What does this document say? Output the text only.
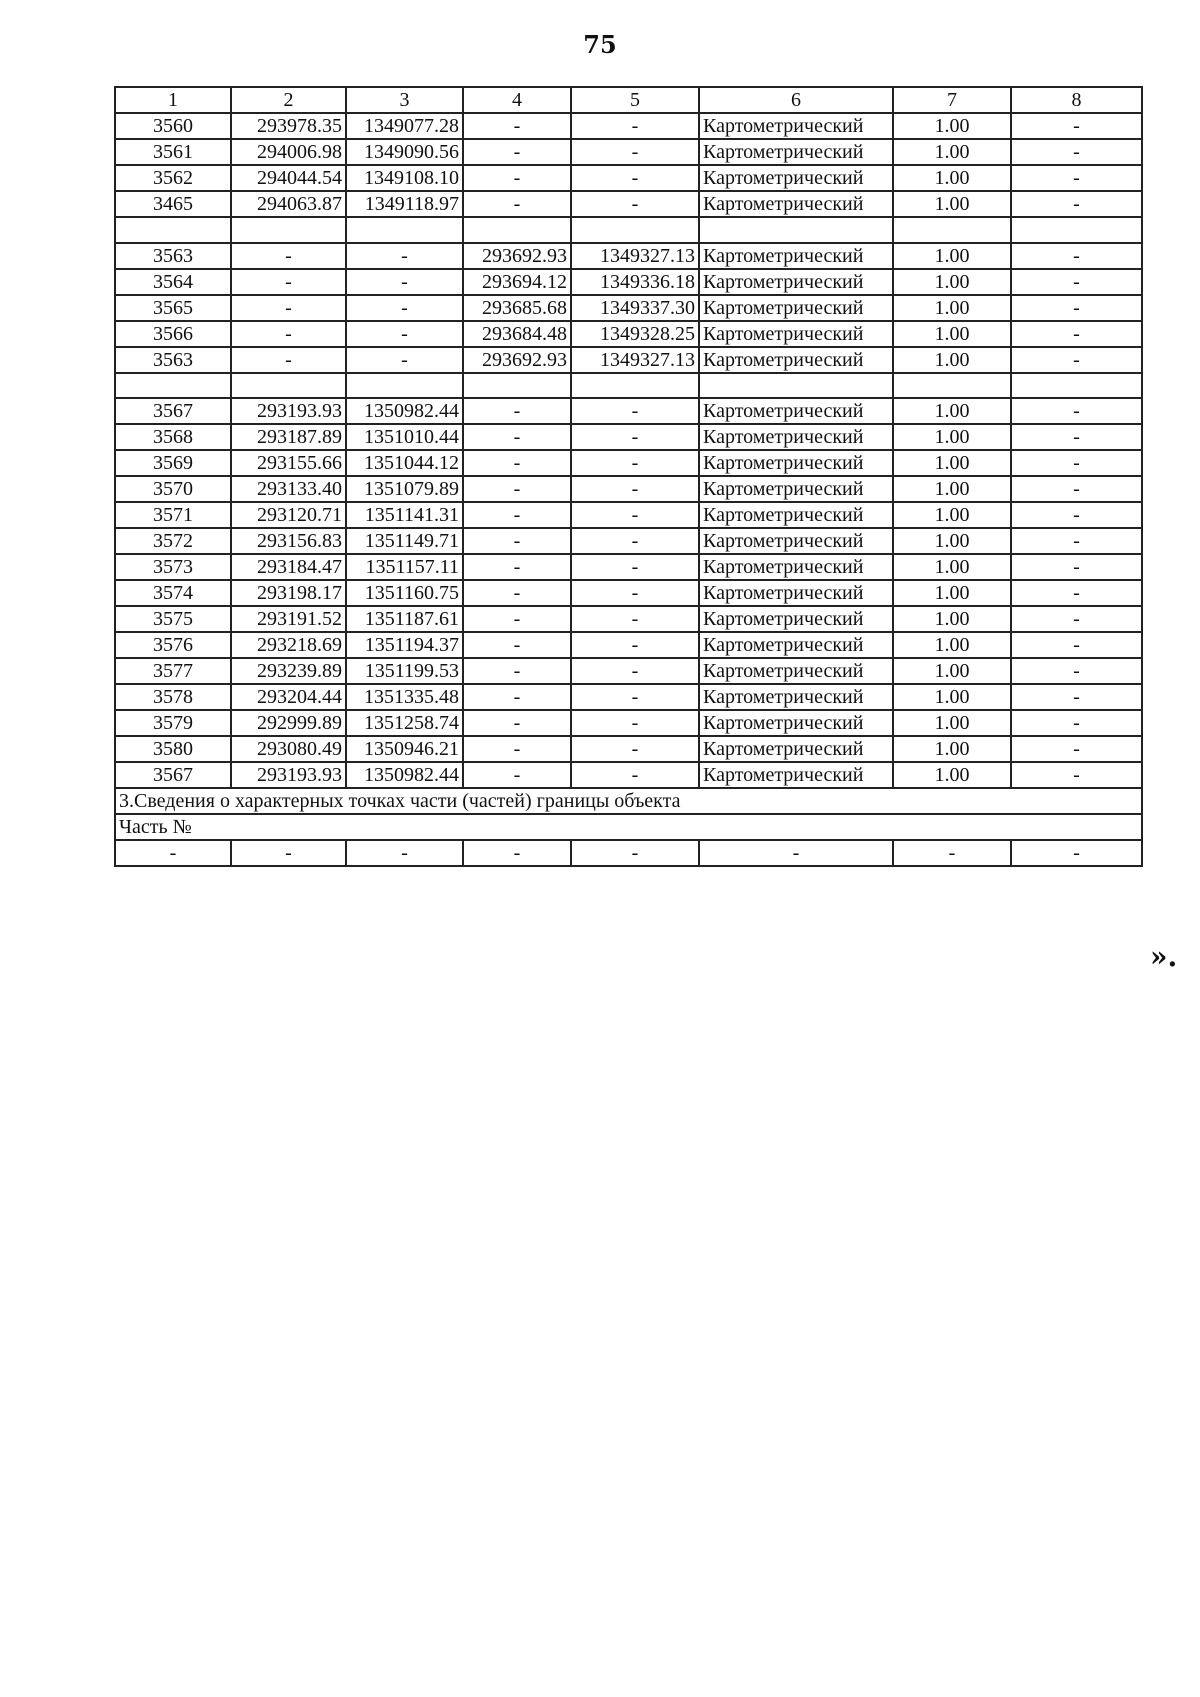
75
1	2	3	4	5	6	7	8
3560	293978.35	1349077.28	-	-	Картометрический	1.00	-
3561	294006.98	1349090.56	-	-	Картометрический	1.00	-
3562	294044.54	1349108.10	-	-	Картометрический	1.00	-
3465	294063.87	1349118.97	-	-	Картометрический	1.00	-

3563	-	-	293692.93	1349327.13	Картометрический	1.00	-
3564	-	-	293694.12	1349336.18	Картометрический	1.00	-
3565	-	-	293685.68	1349337.30	Картометрический	1.00	-
3566	-	-	293684.48	1349328.25	Картометрический	1.00	-
3563	-	-	293692.93	1349327.13	Картометрический	1.00	-

3567	293193.93	1350982.44	-	-	Картометрический	1.00	-
3568	293187.89	1351010.44	-	-	Картометрический	1.00	-
3569	293155.66	1351044.12	-	-	Картометрический	1.00	-
3570	293133.40	1351079.89	-	-	Картометрический	1.00	-
3571	293120.71	1351141.31	-	-	Картометрический	1.00	-
3572	293156.83	1351149.71	-	-	Картометрический	1.00	-
3573	293184.47	1351157.11	-	-	Картометрический	1.00	-
3574	293198.17	1351160.75	-	-	Картометрический	1.00	-
3575	293191.52	1351187.61	-	-	Картометрический	1.00	-
3576	293218.69	1351194.37	-	-	Картометрический	1.00	-
3577	293239.89	1351199.53	-	-	Картометрический	1.00	-
3578	293204.44	1351335.48	-	-	Картометрический	1.00	-
3579	292999.89	1351258.74	-	-	Картометрический	1.00	-
3580	293080.49	1350946.21	-	-	Картометрический	1.00	-
3567	293193.93	1350982.44	-	-	Картометрический	1.00	-
3.Сведения о характерных точках части (частей) границы объекта							
Часть №							
-	-	-	-	-	-	-	-
».
